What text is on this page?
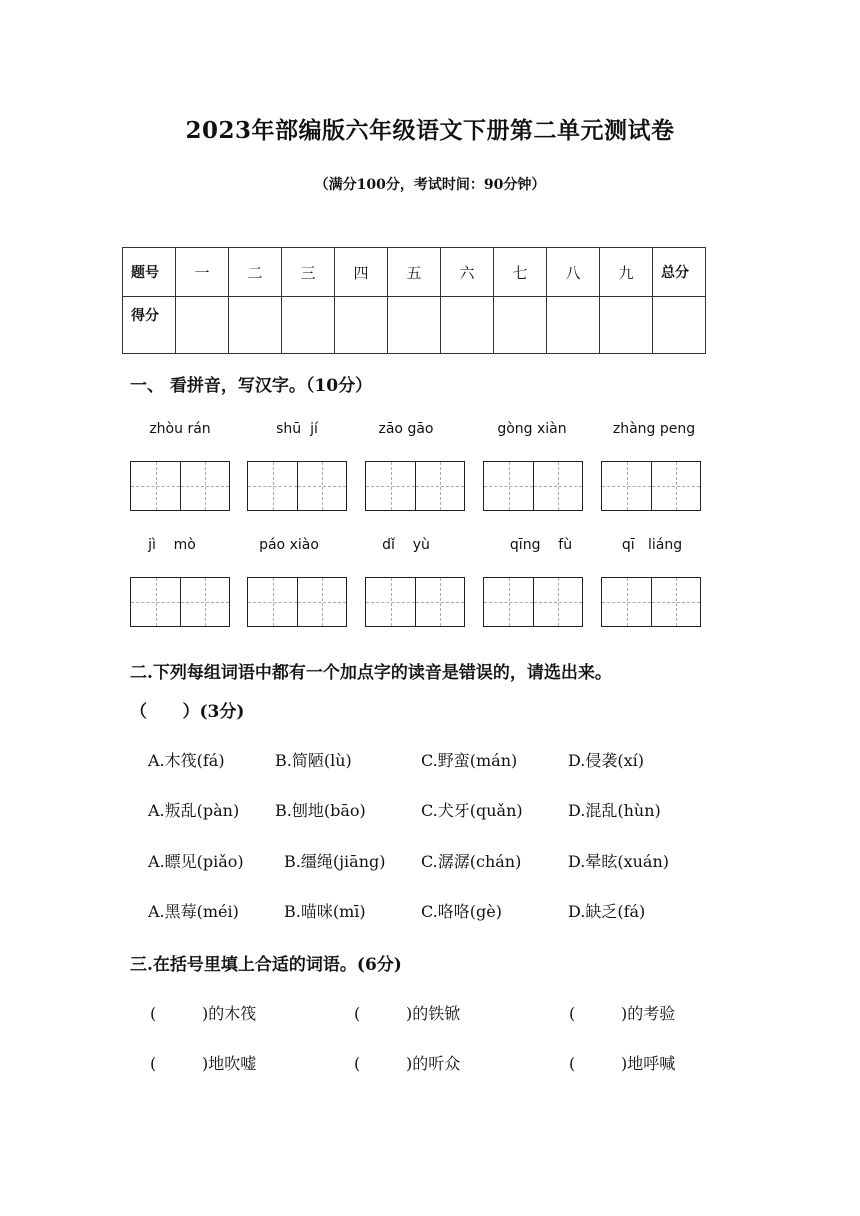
2023年部编版六年级语文下册第二单元测试卷
（满分100分，考试时间：90分钟）
题号	一	二	三	四	五	六	七	八	九	总分
得分										
一、 看拼音，写汉字。（10分）
zhòu rán	shū  jí	zāo gāo	gòng xiàn	zhàng peng
jì    mò	páo xiào	dǐ    yù	qīng    fù	qī   liáng
二.下列每组词语中都有一个加点字的读音是错误的，请选出来。
（      ）(3分)
A.木筏(fá)	B.简陋(lù)	C.野蛮(mán)	D.侵袭(xí)
A.叛乱(pàn) B.刨地(bāo)	C.犬牙(quǎn)	D.混乱(hùn)
A.瞟见(piǎo)	B.缰绳(jiāng) C.潺潺(chán)	D.晕眩(xuán)
A.黑莓(méi)	B.喵咪(mī)	C.咯咯(gè)	D.缺乏(fá)
三.在括号里填上合适的词语。(6分)
(         )的木筏	(         )的铁锨	(         )的考验
(         )地吹嘘	(         )的听众	(         )地呼喊
